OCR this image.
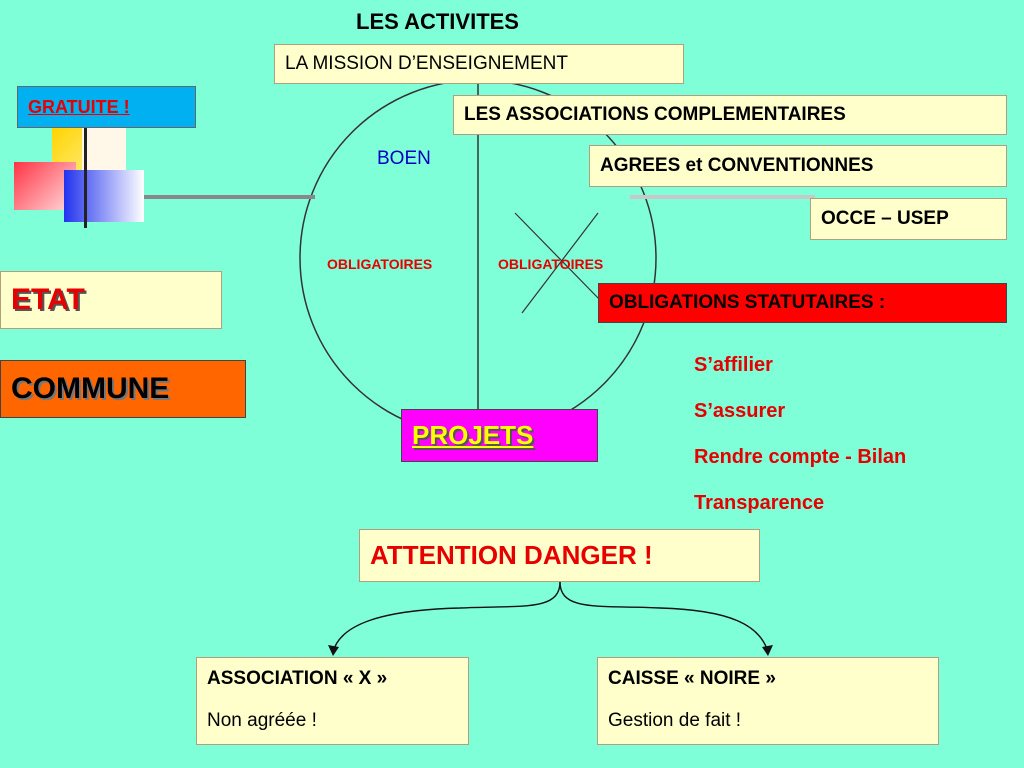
LES ACTIVITES
LA MISSION D’ENSEIGNEMENT
GRATUITE !	LES ASSOCIATIONS COMPLEMENTAIRES
AGREES et CONVENTIONNES
OCCE – USEP
BOEN
OBLIGATOIRES	OBLIGATOIRES
ETAT
COMMUNE
OBLIGATIONS STATUTAIRES :
S’affilier
S’assurer
Rendre compte - Bilan
Transparence
PROJETS
ATTENTION DANGER !
ASSOCIATION « X »
Non agréée !
CAISSE « NOIRE »
Gestion de fait !
